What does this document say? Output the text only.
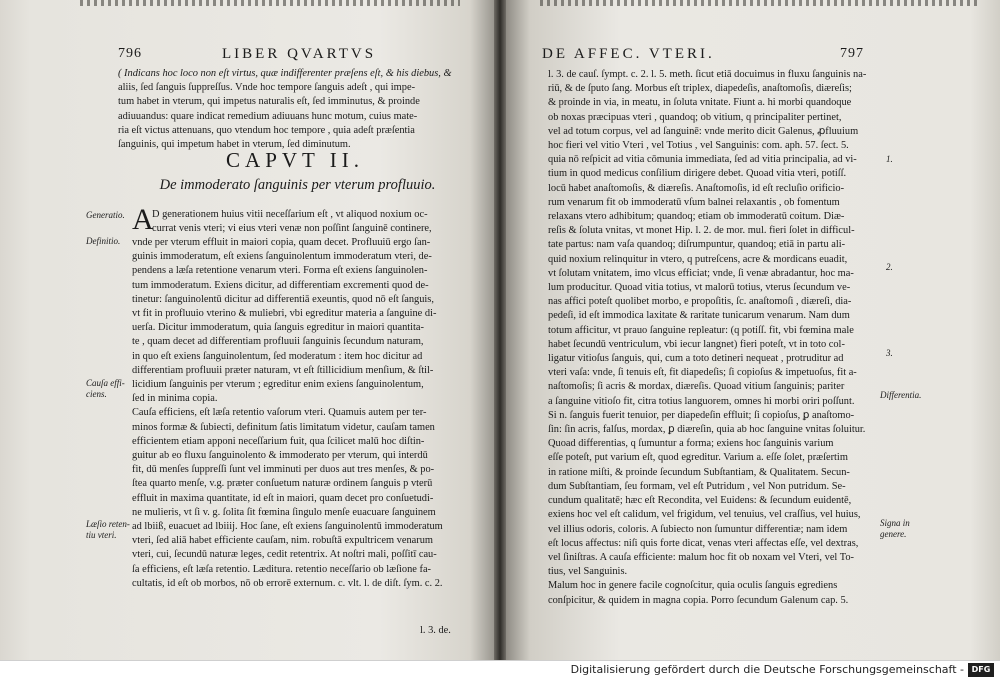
796	LIBER QVARTVS
( Indicans hoc loco non eſt virtus, quæ indifferenter præſens eſt, & his diebus, &
aliis, ſed ſanguis ſuppreſſus. Vnde hoc tempore ſanguis adeſt , qui impe-
tum habet in vterum, qui impetus naturalis eſt, ſed imminutus, & proinde
adiuuandus: quare indicat remedium adiuuans hunc motum, cuius mate-
ria eſt victus attenuans, quo vtendum hoc tempore , quia adeſt præſentia
ſanguinis, qui impetum habet in vterum, ſed diminutum.
CAPVT II.
De immoderato ſanguinis per vterum profluuio.
A
D generationem huius vitii neceſſarium eſt , vt aliquod noxium oc-
currat venis vteri; vi eius vteri venæ non poſſint ſanguinē continere,
vnde per vterum effluit in maiori copia, quam decet. Profluuiū ergo ſan-
guinis immoderatum, eſt exiens ſanguinolentum immoderatum vteri, de-
pendens a læſa retentione venarum vteri. Forma eſt exiens ſanguinolen-
tum immoderatum. Exiens dicitur, ad differentiam excrementi quod de-
tinetur: ſanguinolentū dicitur ad differentiā exeuntis, quod nō eſt ſanguis,
vt fit in profluuio vterino & muliebri, vbi egreditur materia a ſanguine di-
uerſa. Dicitur immoderatum, quia ſanguis egreditur in maiori quantita-
te , quam decet ad differentiam profluuii ſanguinis ſecundum naturam,
in quo eſt exiens ſanguinolentum, ſed moderatum : item hoc dicitur ad
differentiam profluuii præter naturam, vt eſt ſtillicidium menſium, & ſtil-
licidium ſanguinis per vterum ; egreditur enim exiens ſanguinolentum,
ſed in minima copia.
Cauſa efficiens, eſt læſa retentio vaſorum vteri. Quamuis autem per ter-
minos formæ & ſubiecti, definitum ſatis limitatum videtur, cauſam tamen
efficientem etiam apponi neceſſarium fuit, qua ſcilicet malū hoc diſtin-
guitur ab eo fluxu ſanguinolento & immoderato per vterum, qui interdū
fit, dū menſes ſuppreſſi ſunt vel imminuti per duos aut tres menſes, & po-
ſtea quarto menſe, v.g. præter conſuetum naturæ ordinem ſanguis p vterū
effluit in maxima quantitate, id eſt in maiori, quam decet pro conſuetudi-
ne mulieris, vt ſi v. g. ſolita ſit fœmina ſingulo menſe euacuare ſanguinem
ad lbiiß, euacuet ad lbiiij. Hoc ſane, eſt exiens ſanguinolentū immoderatum
vteri, ſed aliā habet efficiente cauſam, nim. robuſtā expultricem venarum
vteri, cui, ſecundū naturæ leges, cedit retentrix. At noſtri mali, poſſitī cau-
ſa efficiens, eſt læſa retentio. Læditura. retentio neceſſario ob læſione fa-
cultatis, id eſt ob morbos, nō ob errorē externum. c. vlt. l. de diſt. ſym. c. 2.
l. 3. de.
Generatio.
Definitio.
Cauſa effi-ciens.
Læſio reten-tiu vteri.
DE AFFEC. VTERI.	797
l. 3. de cauſ. ſympt. c. 2. l. 5. meth. ſicut etiā docuimus in fluxu ſanguinis na-
riū, & de ſputo ſang. Morbus eſt triplex, diapedeſis, anaſtomoſis, diæreſis;
& proinde in via, in meatu, in ſoluta vnitate. Fiunt a. hi morbi quandoque
ob noxas præcipuas vteri , quandoq; ob vitium, q principaliter pertinet,
vel ad totum corpus, vel ad ſanguinē: vnde merito dicit Galenus, ꝓfluuium
hoc fieri vel vitio Vteri , vel Totius , vel Sanguinis: com. aph. 57. ſect. 5.
quia nō reſpicit ad vitia cōmunia immediata, ſed ad vitia principalia, ad vi-
tium in quod medicus conſilium dirigere debet. Quoad vitia vteri, potiſſ.
locū habet anaſtomoſis, & diæreſis. Anaſtomoſis, id eſt recluſio orificio-
rum venarum fit ob immoderatū vſum balnei relaxantis , ob fomentum
relaxans vtero adhibitum; quandoq; etiam ob immoderatū coitum. Diæ-
reſis & ſoluta vnitas, vt monet Hip. l. 2. de mor. mul. fieri ſolet in difficul-
tate partus: nam vaſa quandoq; diſrumpuntur, quandoq; etiā in partu ali-
quid noxium relinquitur in vtero, q putreſcens, acre & mordicans euadit,
vt ſolutam vnitatem, imo vlcus efficiat; vnde, ſi venæ abradantur, hoc ma-
lum producitur. Quoad vitia totius, vt malorū totius, vterus ſecundum ve-
nas affici poteſt quolibet morbo, e propoſitis, ſc. anaſtomoſi , diæreſi, dia-
pedeſi, id eſt immodica laxitate & raritate tunicarum venarum. Nam dum
totum afficitur, vt prauo ſanguine repleatur: (q potiſſ. fit, vbi fœmina male
habet ſecundū ventriculum, vbi iecur langnet) fieri poteſt, vt in toto col-
ligatur vitioſus ſanguis, qui, cum a toto detineri nequeat , protruditur ad
vteri vaſa: vnde, ſi tenuis eſt, fit diapedeſis; ſi copioſus & impetuoſus, fit a-
naſtomoſis; ſi acris & mordax, diæreſis. Quoad vitium ſanguinis; pariter
a ſanguine vitioſo fit, citra totius languorem, omnes hi morbi oriri poſſunt.
Si n. ſanguis fuerit tenuior, per diapedeſin effluit; ſi copioſus, ꝑ anaſtomo-
ſin: ſin acris, falſus, mordax, ꝑ diæreſin, quia ab hoc ſanguine vnitas ſoluitur.
Quoad differentias, q ſumuntur a forma; exiens hoc ſanguinis varium
eſſe poteſt, put varium eſt, quod egreditur. Varium a. eſſe ſolet, præſertim
in ratione miſti, & proinde ſecundum Subſtantiam, & Qualitatem. Secun-
dum Subſtantiam, ſeu formam, vel eſt Putridum , vel Non putridum. Se-
cundum qualitatē; hæc eſt Recondita, vel Euidens: & ſecundum euidentē,
exiens hoc vel eſt calidum, vel frigidum, vel tenuius, vel craſſius, vel huius,
vel illius odoris, coloris. A ſubiecto non ſumuntur differentiæ; nam idem
eſt locus affectus: niſi quis forte dicat, venas vteri affectas eſſe, vel dextras,
vel ſiniſtras. A cauſa efficiente: malum hoc fit ob noxam vel Vteri, vel To-
tius, vel Sanguinis.
Malum hoc in genere facile cognoſcitur, quia oculis ſanguis egrediens
conſpicitur, & quidem in magna copia. Porro ſecundum Galenum cap. 5.
1.
2.
3.
Differentia.
Signa in genere.
Digitalisierung gefördert durch die Deutsche Forschungsgemeinschaft - DFG
